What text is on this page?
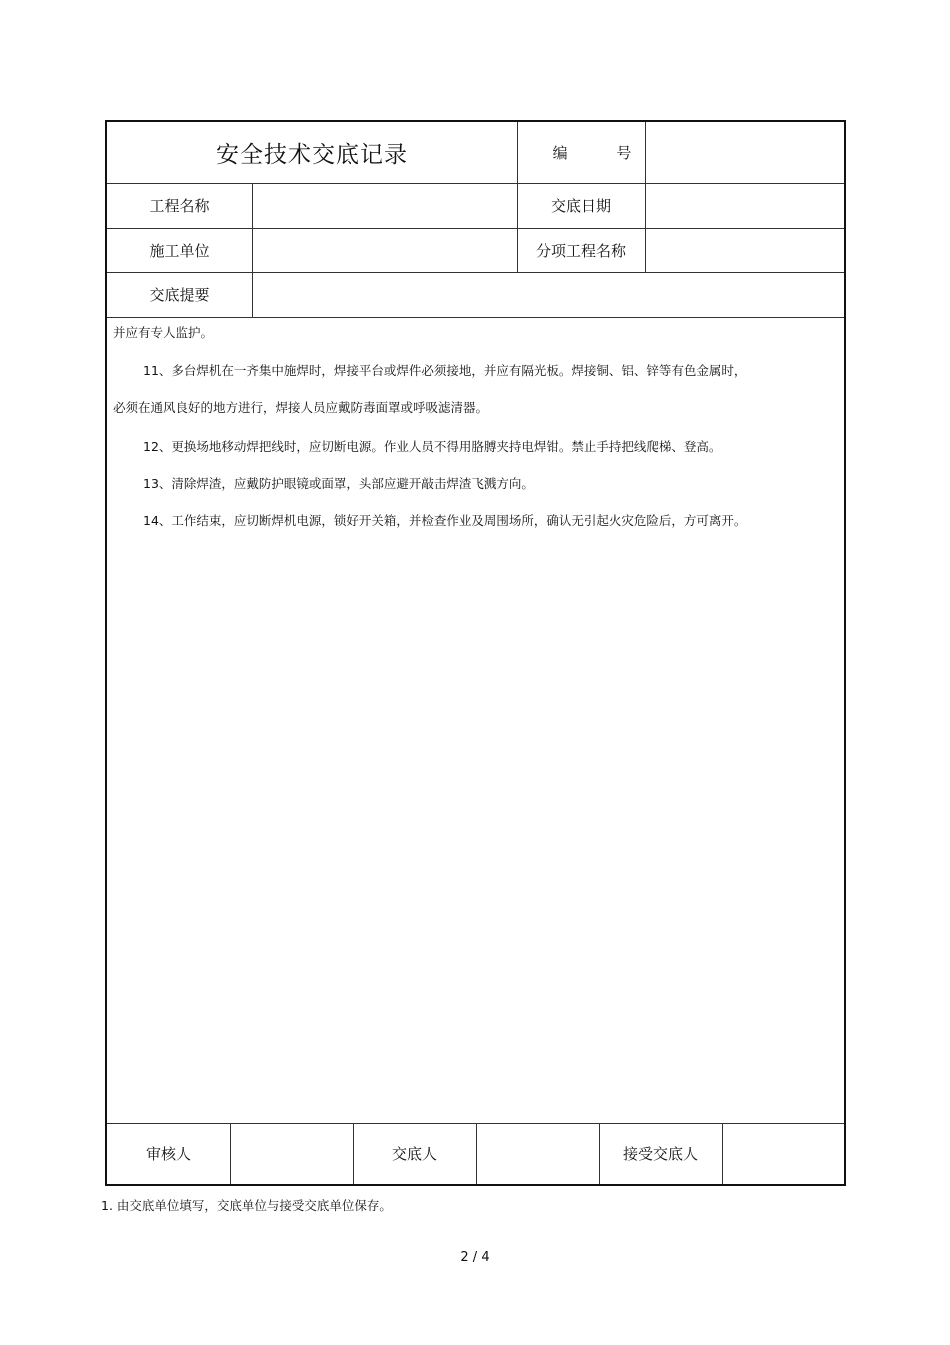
安全技术交底记录	编 号
工程名称	交底日期
施工单位	分项工程名称
交底提要
并应有专人监护。
11、多台焊机在一齐集中施焊时，焊接平台或焊件必须接地，并应有隔光板。焊接铜、铝、锌等有色金属时，
必须在通风良好的地方进行，焊接人员应戴防毒面罩或呼吸滤清器。
12、更换场地移动焊把线时，应切断电源。作业人员不得用胳膊夹持电焊钳。禁止手持把线爬梯、登高。
13、清除焊渣，应戴防护眼镜或面罩，头部应避开敲击焊渣飞溅方向。
14、工作结束，应切断焊机电源，锁好开关箱，并检查作业及周围场所，确认无引起火灾危险后，方可离开。
审核人	交底人	接受交底人
1. 由交底单位填写，交底单位与接受交底单位保存。
2 / 4
